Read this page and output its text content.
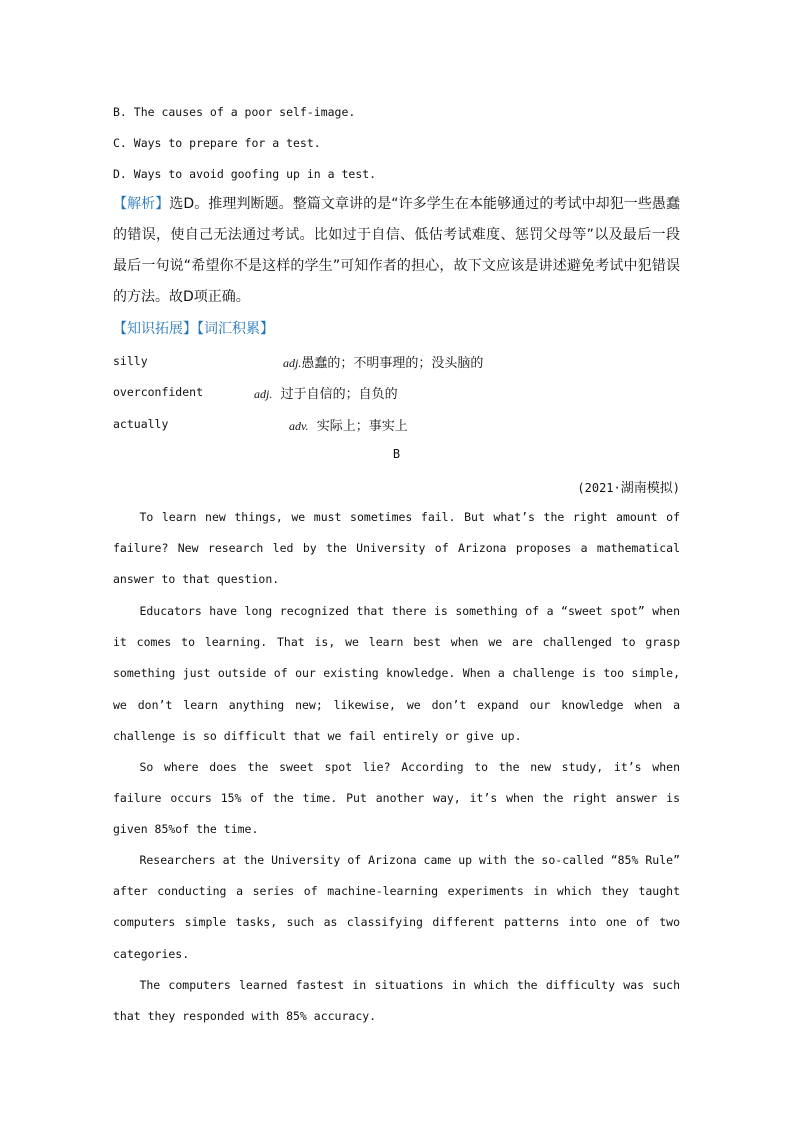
B. The causes of a poor self-image.
C. Ways to prepare for a test.
D. Ways to avoid goofing up in a test.
【解析】选D。推理判断题。整篇文章讲的是“许多学生在本能够通过的考试中却犯一些愚蠢的错误，使自己无法通过考试。比如过于自信、低估考试难度、惩罚父母等”以及最后一段最后一句说“希望你不是这样的学生”可知作者的担心，故下文应该是讲述避免考试中犯错误的方法。故D项正确。
【知识拓展】【词汇积累】
silly	adj.愚蠢的；不明事理的；没头脑的
overconfident	adj. 过于自信的；自负的
actually	adv. 实际上；事实上
B
(2021·湖南模拟)
To learn new things, we must sometimes fail. But what’s the right amount of failure? New research led by the University of Arizona proposes a mathematical answer to that question.
Educators have long recognized that there is something of a “sweet spot” when it comes to learning. That is, we learn best when we are challenged to grasp something just outside of our existing knowledge. When a challenge is too simple, we don’t learn anything new; likewise, we don’t expand our knowledge when a challenge is so difficult that we fail entirely or give up.
So where does the sweet spot lie? According to the new study, it’s when failure occurs 15% of the time. Put another way, it’s when the right answer is given 85%of the time.
Researchers at the University of Arizona came up with the so-called “85% Rule” after conducting a series of machine-learning experiments in which they taught computers simple tasks, such as classifying different patterns into one of two categories.
The computers learned fastest in situations in which the difficulty was such that they responded with 85% accuracy.
